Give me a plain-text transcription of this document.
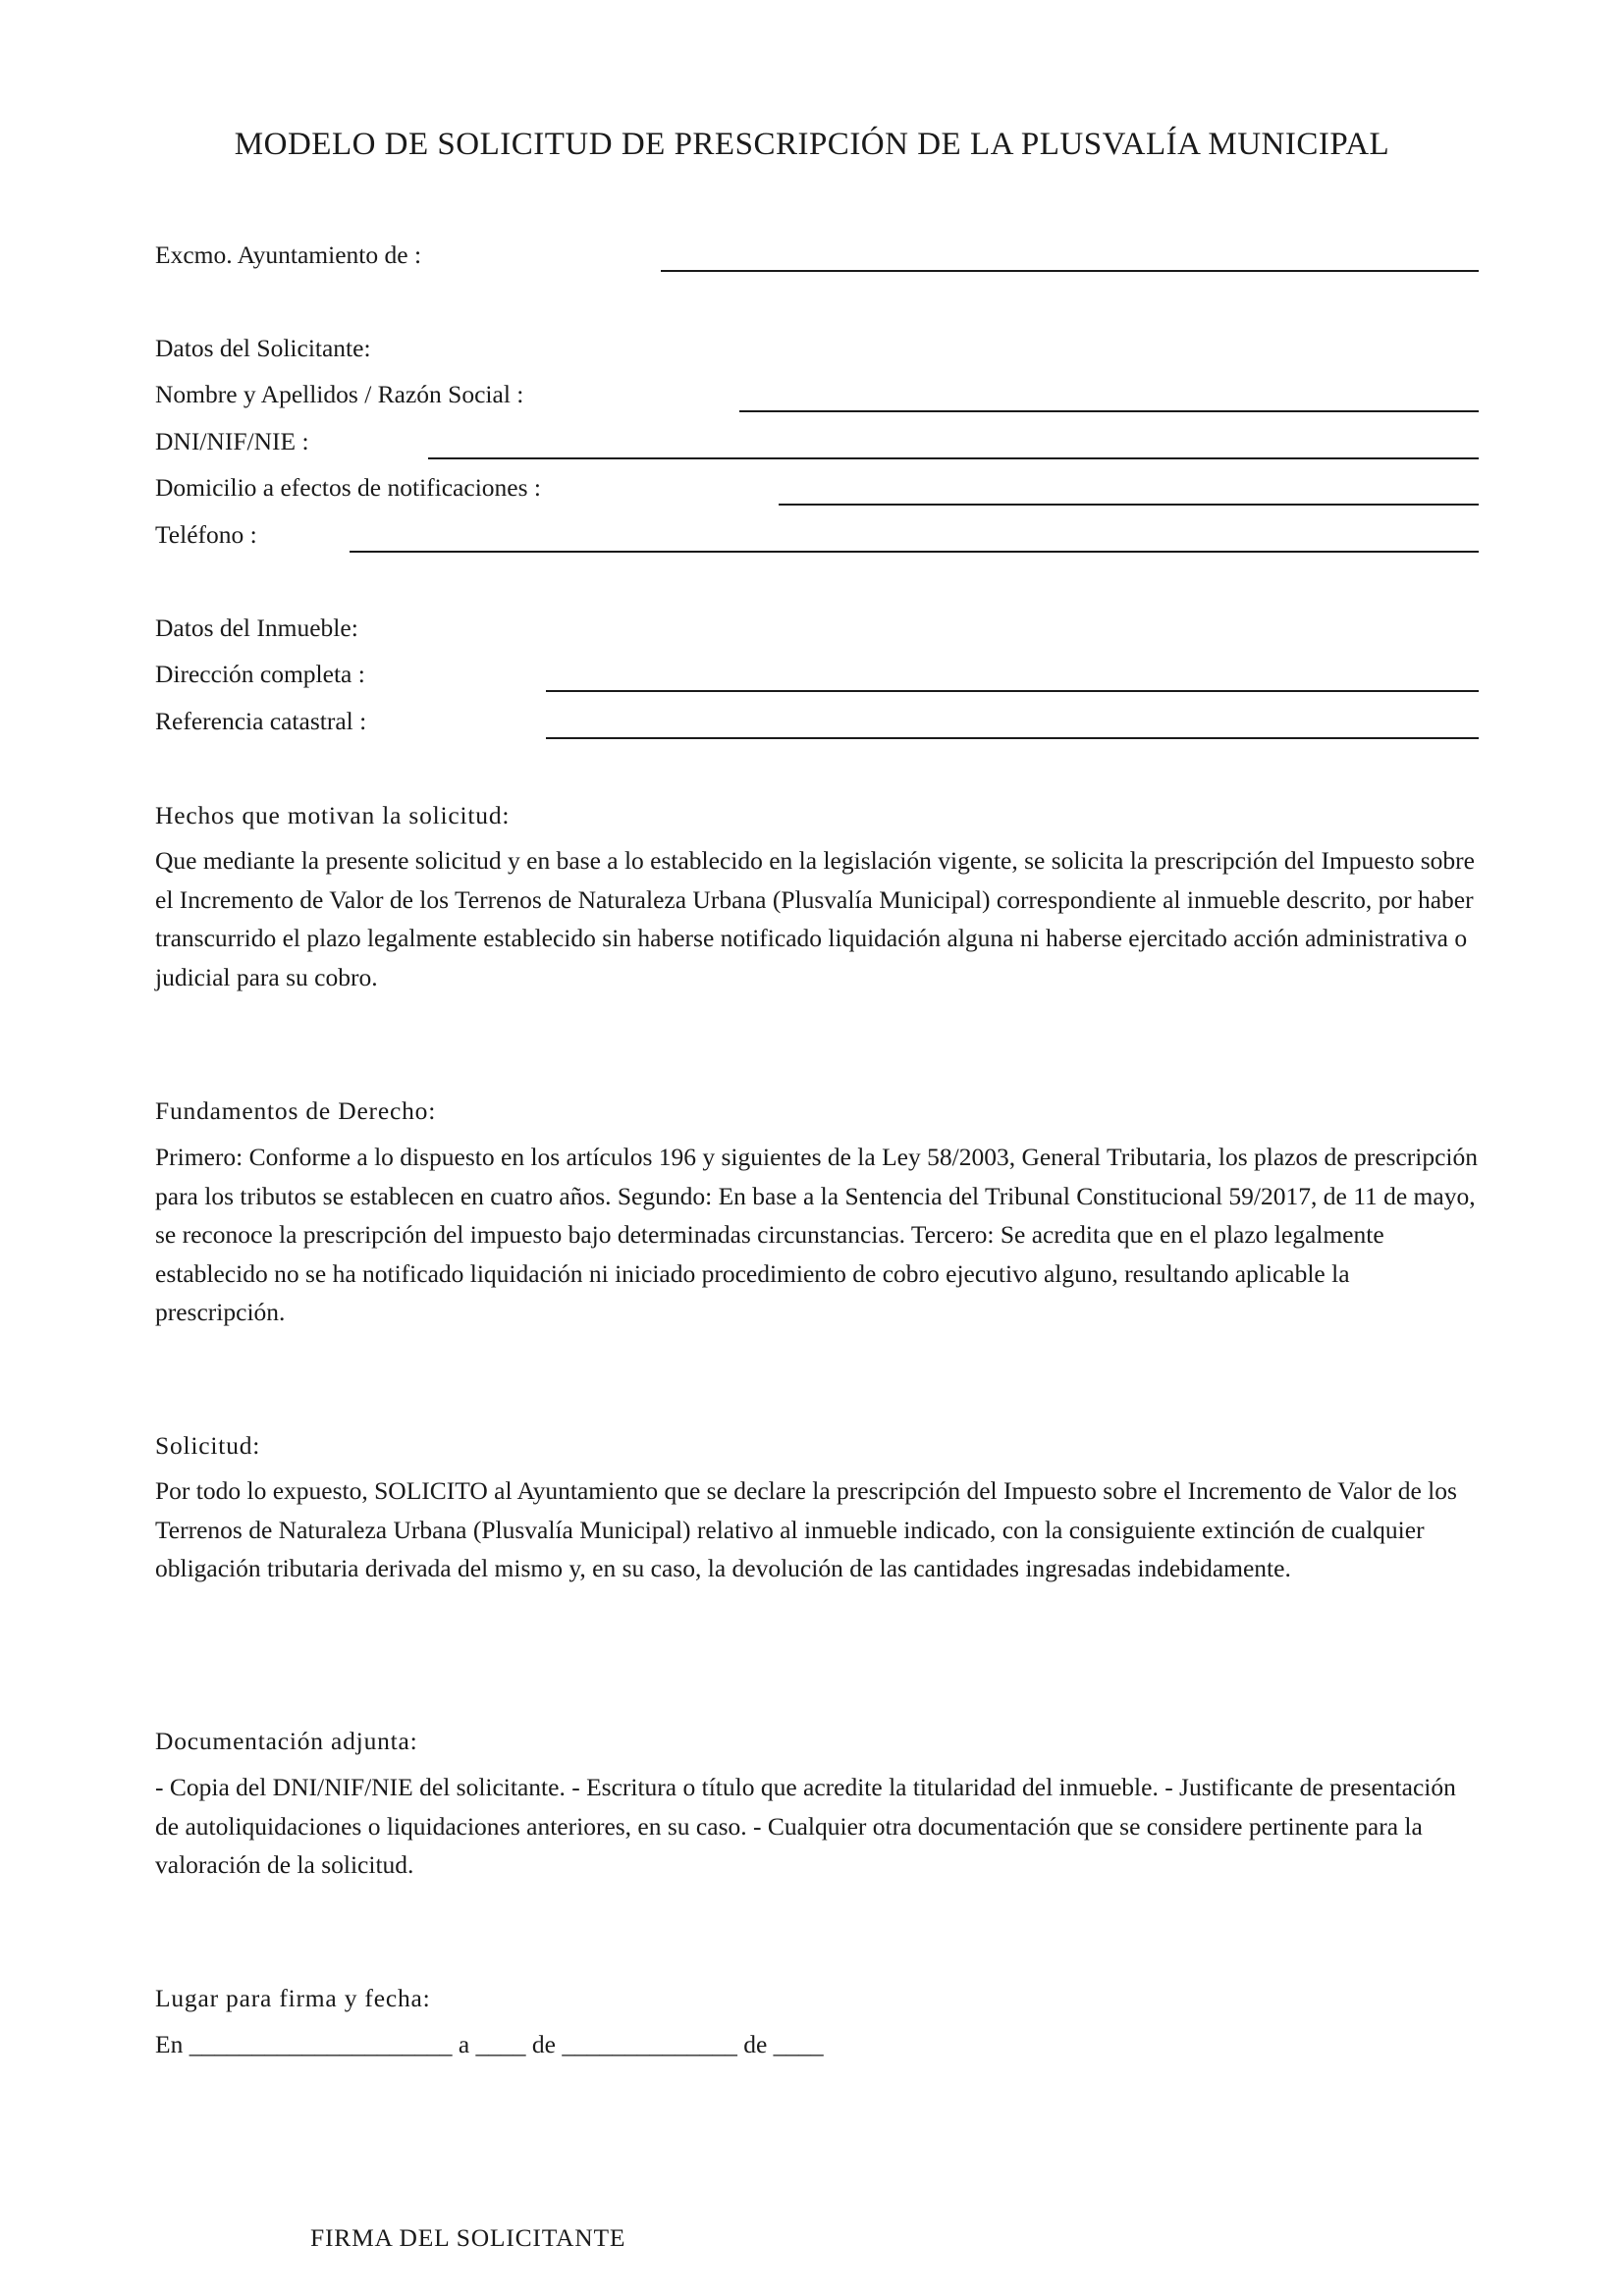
MODELO DE SOLICITUD DE PRESCRIPCIÓN DE LA PLUSVALÍA MUNICIPAL
Excmo. Ayuntamiento de :
Datos del Solicitante:
Nombre y Apellidos / Razón Social :
DNI/NIF/NIE :
Domicilio a efectos de notificaciones :
Teléfono :
Datos del Inmueble:
Dirección completa :
Referencia catastral :
Hechos que motivan la solicitud:
Que mediante la presente solicitud y en base a lo establecido en la legislación vigente, se solicita la prescripción del Impuesto sobre el Incremento de Valor de los Terrenos de Naturaleza Urbana (Plusvalía Municipal) correspondiente al inmueble descrito, por haber transcurrido el plazo legalmente establecido sin haberse notificado liquidación alguna ni haberse ejercitado acción administrativa o judicial para su cobro.
Fundamentos de Derecho:
Primero: Conforme a lo dispuesto en los artículos 196 y siguientes de la Ley 58/2003, General Tributaria, los plazos de prescripción para los tributos se establecen en cuatro años. Segundo: En base a la Sentencia del Tribunal Constitucional 59/2017, de 11 de mayo, se reconoce la prescripción del impuesto bajo determinadas circunstancias. Tercero: Se acredita que en el plazo legalmente establecido no se ha notificado liquidación ni iniciado procedimiento de cobro ejecutivo alguno, resultando aplicable la prescripción.
Solicitud:
Por todo lo expuesto, SOLICITO al Ayuntamiento que se declare la prescripción del Impuesto sobre el Incremento de Valor de los Terrenos de Naturaleza Urbana (Plusvalía Municipal) relativo al inmueble indicado, con la consiguiente extinción de cualquier obligación tributaria derivada del mismo y, en su caso, la devolución de las cantidades ingresadas indebidamente.
Documentación adjunta:
- Copia del DNI/NIF/NIE del solicitante. - Escritura o título que acredite la titularidad del inmueble. - Justificante de presentación de autoliquidaciones o liquidaciones anteriores, en su caso. - Cualquier otra documentación que se considere pertinente para la valoración de la solicitud.
Lugar para firma y fecha:
En _____________________ a ____ de ______________ de ____
FIRMA DEL SOLICITANTE
